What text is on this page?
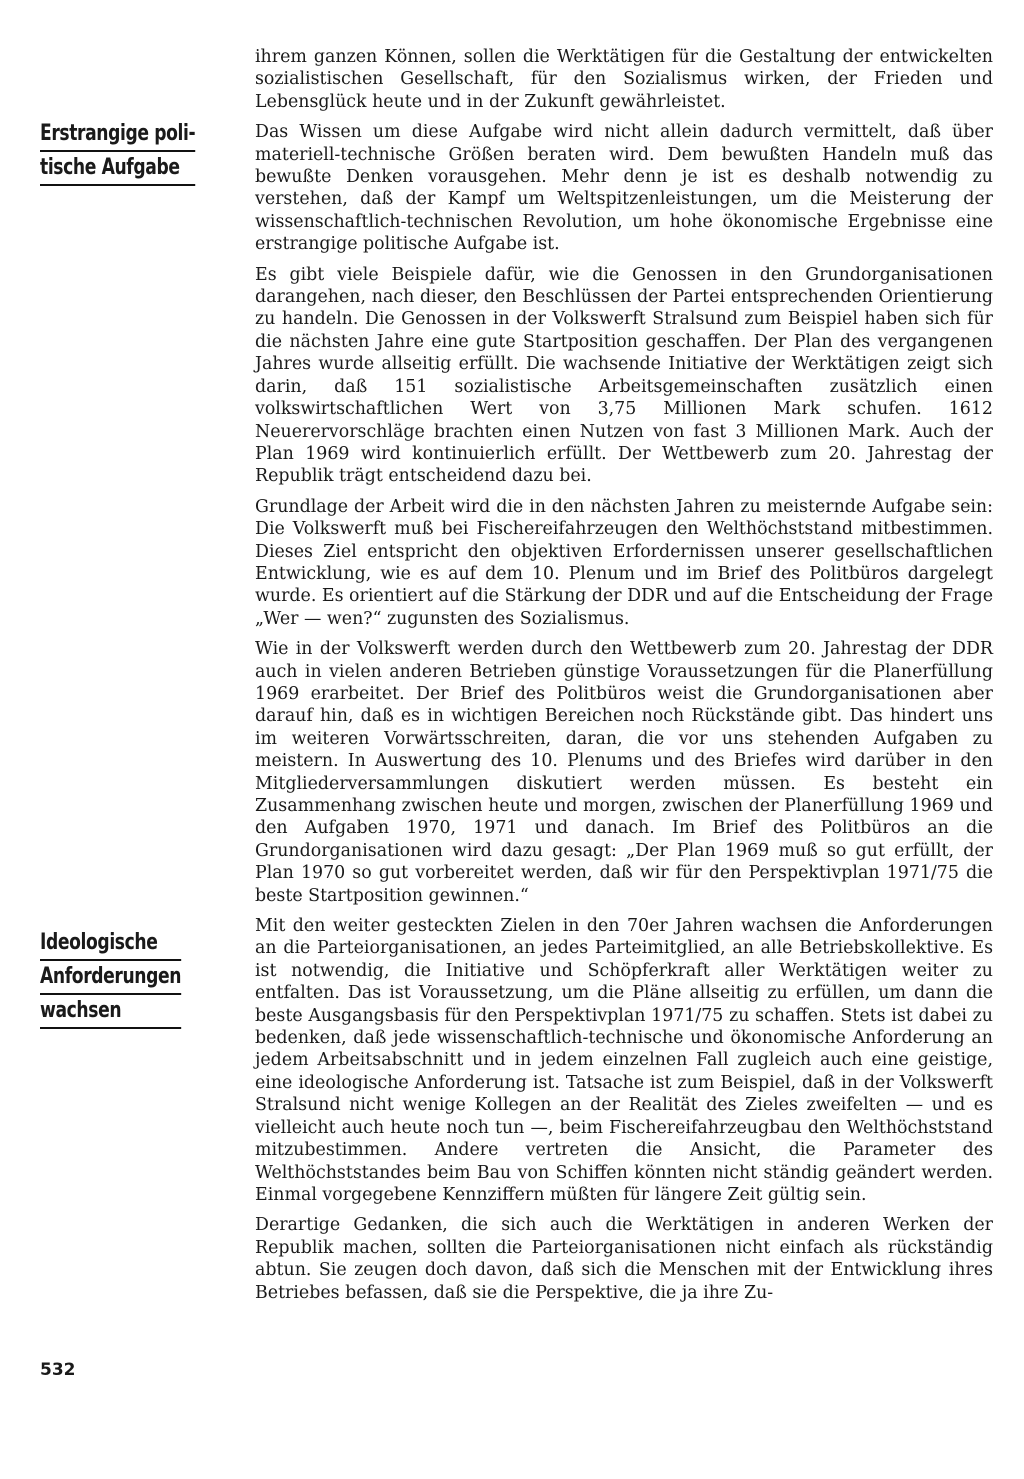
Erstrangige poli-
tische Aufgabe
Ideologische
Anforderungen
wachsen

ihrem ganzen Können, sollen die Werktätigen für die Gestaltung der entwickelten sozialistischen Gesellschaft, für den Sozialismus wirken, der Frieden und Lebensglück heute und in der Zukunft gewährleistet.

Das Wissen um diese Aufgabe wird nicht allein dadurch vermittelt, daß über materiell-technische Größen beraten wird. Dem bewußten Handeln muß das bewußte Denken vorausgehen. Mehr denn je ist es deshalb notwendig zu verstehen, daß der Kampf um Weltspitzenleistungen, um die Meisterung der wissenschaftlich-technischen Revolution, um hohe ökonomische Ergebnisse eine erstrangige politische Aufgabe ist.

Es gibt viele Beispiele dafür, wie die Genossen in den Grundorganisationen darangehen, nach dieser, den Beschlüssen der Partei entsprechenden Orientierung zu handeln. Die Genossen in der Volkswerft Stralsund zum Beispiel haben sich für die nächsten Jahre eine gute Startposition geschaffen. Der Plan des vergangenen Jahres wurde allseitig erfüllt. Die wachsende Initiative der Werktätigen zeigt sich darin, daß 151 sozialistische Arbeitsgemeinschaften zusätzlich einen volkswirtschaftlichen Wert von 3,75 Millionen Mark schufen. 1612 Neuerervorschläge brachten einen Nutzen von fast 3 Millionen Mark. Auch der Plan 1969 wird kontinuierlich erfüllt. Der Wettbewerb zum 20. Jahrestag der Republik trägt entscheidend dazu bei.

Grundlage der Arbeit wird die in den nächsten Jahren zu meisternde Aufgabe sein: Die Volkswerft muß bei Fischereifahrzeugen den Welthöchststand mitbestimmen. Dieses Ziel entspricht den objektiven Erfordernissen unserer gesellschaftlichen Entwicklung, wie es auf dem 10. Plenum und im Brief des Politbüros dargelegt wurde. Es orientiert auf die Stärkung der DDR und auf die Entscheidung der Frage „Wer — wen?“ zugunsten des Sozialismus.

Wie in der Volkswerft werden durch den Wettbewerb zum 20. Jahrestag der DDR auch in vielen anderen Betrieben günstige Voraussetzungen für die Planerfüllung 1969 erarbeitet. Der Brief des Politbüros weist die Grundorganisationen aber darauf hin, daß es in wichtigen Bereichen noch Rückstände gibt. Das hindert uns im weiteren Vorwärtsschreiten, daran, die vor uns stehenden Aufgaben zu meistern. In Auswertung des 10. Plenums und des Briefes wird darüber in den Mitgliederversammlungen diskutiert werden müssen. Es besteht ein Zusammenhang zwischen heute und morgen, zwischen der Planerfüllung 1969 und den Aufgaben 1970, 1971 und danach. Im Brief des Politbüros an die Grundorganisationen wird dazu gesagt: „Der Plan 1969 muß so gut erfüllt, der Plan 1970 so gut vorbereitet werden, daß wir für den Perspektivplan 1971/75 die beste Startposition gewinnen.“

Mit den weiter gesteckten Zielen in den 70er Jahren wachsen die Anforderungen an die Parteiorganisationen, an jedes Parteimitglied, an alle Betriebskollektive. Es ist notwendig, die Initiative und Schöpferkraft aller Werktätigen weiter zu entfalten. Das ist Voraussetzung, um die Pläne allseitig zu erfüllen, um dann die beste Ausgangsbasis für den Perspektivplan 1971/75 zu schaffen. Stets ist dabei zu bedenken, daß jede wissenschaftlich-technische und ökonomische Anforderung an jedem Arbeitsabschnitt und in jedem einzelnen Fall zugleich auch eine geistige, eine ideologische Anforderung ist. Tatsache ist zum Beispiel, daß in der Volkswerft Stralsund nicht wenige Kollegen an der Realität des Zieles zweifelten — und es vielleicht auch heute noch tun —, beim Fischereifahrzeugbau den Welthöchststand mitzubestimmen. Andere vertreten die Ansicht, die Parameter des Welthöchststandes beim Bau von Schiffen könnten nicht ständig geändert werden. Einmal vorgegebene Kennziffern müßten für längere Zeit gültig sein.

Derartige Gedanken, die sich auch die Werktätigen in anderen Werken der Republik machen, sollten die Parteiorganisationen nicht einfach als rückständig abtun. Sie zeugen doch davon, daß sich die Menschen mit der Entwicklung ihres Betriebes befassen, daß sie die Perspektive, die ja ihre Zu-

532
